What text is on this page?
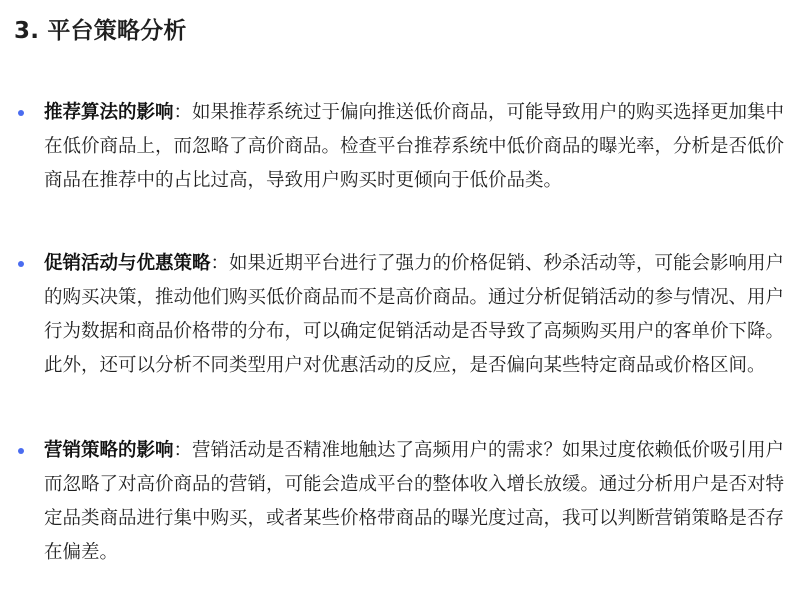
3. 平台策略分析
推荐算法的影响：如果推荐系统过于偏向推送低价商品，可能导致用户的购买选择更加集中在低价商品上，而忽略了高价商品。检查平台推荐系统中低价商品的曝光率，分析是否低价商品在推荐中的占比过高，导致用户购买时更倾向于低价品类。
促销活动与优惠策略：如果近期平台进行了强力的价格促销、秒杀活动等，可能会影响用户的购买决策，推动他们购买低价商品而不是高价商品。通过分析促销活动的参与情况、用户行为数据和商品价格带的分布，可以确定促销活动是否导致了高频购买用户的客单价下降。此外，还可以分析不同类型用户对优惠活动的反应，是否偏向某些特定商品或价格区间。
营销策略的影响：营销活动是否精准地触达了高频用户的需求？如果过度依赖低价吸引用户而忽略了对高价商品的营销，可能会造成平台的整体收入增长放缓。通过分析用户是否对特定品类商品进行集中购买，或者某些价格带商品的曝光度过高，我可以判断营销策略是否存在偏差。
